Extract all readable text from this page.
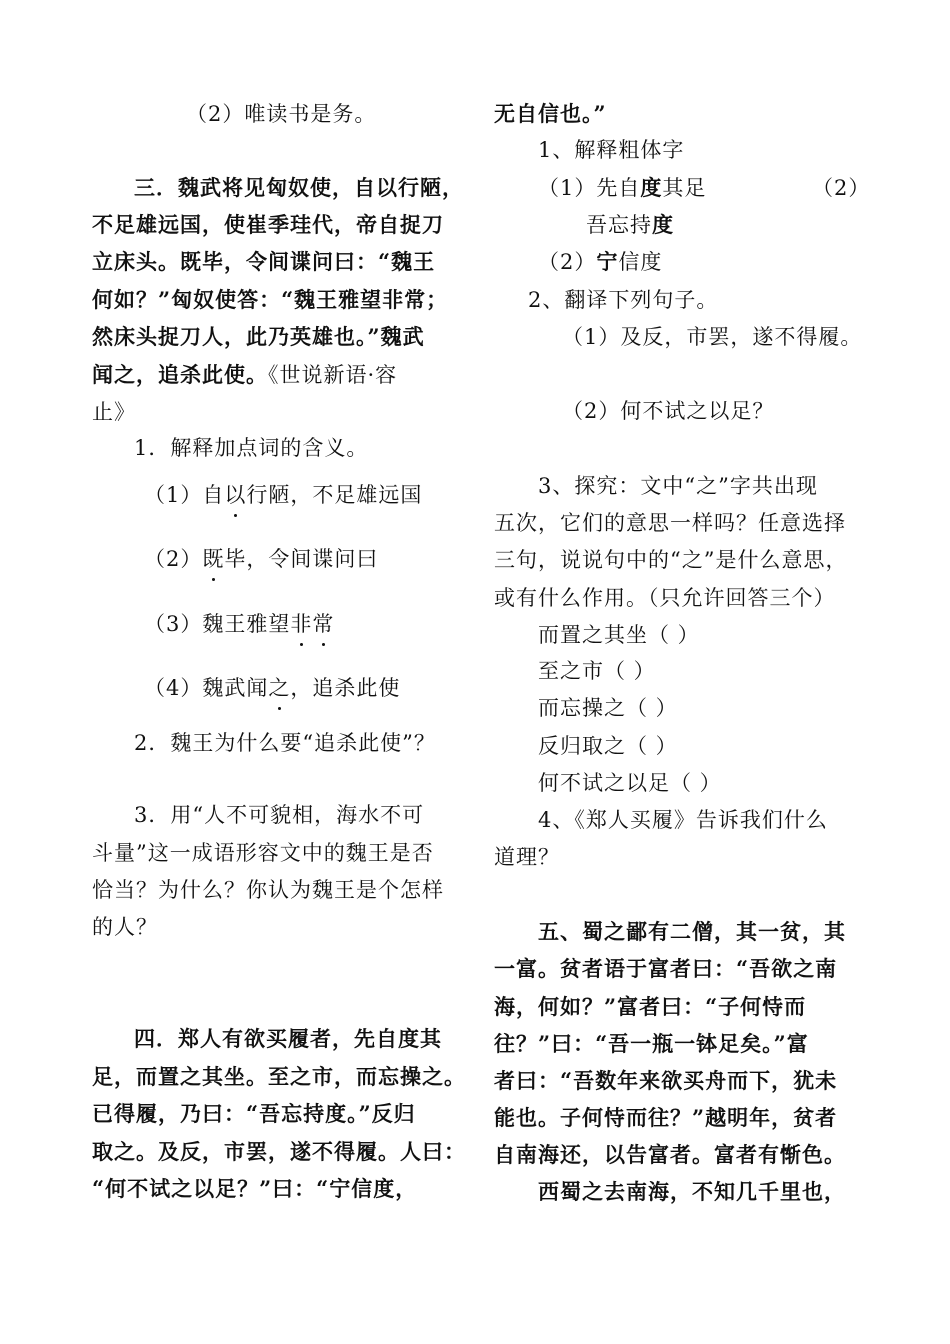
（2）唯读书是务。
三．魏武将见匈奴使，自以行陋，
不足雄远国，使崔季珪代，帝自捉刀
立床头。既毕，令间谍问曰：“魏王
何如？”匈奴使答：“魏王雅望非常；
然床头捉刀人，此乃英雄也。”魏武
闻之，追杀此使。《世说新语·容
止》
1．解释加点词的含义。
（1）自以行陋，不足雄远国
（2）既毕，令间谍问曰
（3）魏王雅望非常
（4）魏武闻之，追杀此使
2．魏王为什么要“追杀此使”？
3．用“人不可貌相，海水不可
斗量”这一成语形容文中的魏王是否
恰当？为什么？你认为魏王是个怎样
的人？
四．郑人有欲买履者，先自度其
足，而置之其坐。至之市，而忘操之。
已得履，乃曰：“吾忘持度。”反归
取之。及反，市罢，遂不得履。人曰：
“何不试之以足？”曰：“宁信度，
无自信也。”
1、解释粗体字
（1）先自度其足	（2）
吾忘持度
（2）宁信度
2、翻译下列句子。
（1）及反，市罢，遂不得履。
（2）何不试之以足？
3、探究：文中“之”字共出现
五次，它们的意思一样吗？任意选择
三句，说说句中的“之”是什么意思，
或有什么作用。（只允许回答三个）
而置之其坐（ ）
至之市（ ）
而忘操之（ ）
反归取之（ ）
何不试之以足（ ）
4、《郑人买履》告诉我们什么
道理？
五、蜀之鄙有二僧，其一贫，其
一富。贫者语于富者曰：“吾欲之南
海，何如？”富者曰：“子何恃而
往？”曰：“吾一瓶一钵足矣。”富
者曰：“吾数年来欲买舟而下，犹未
能也。子何恃而往？”越明年，贫者
自南海还，以告富者。富者有惭色。
西蜀之去南海，不知几千里也，
